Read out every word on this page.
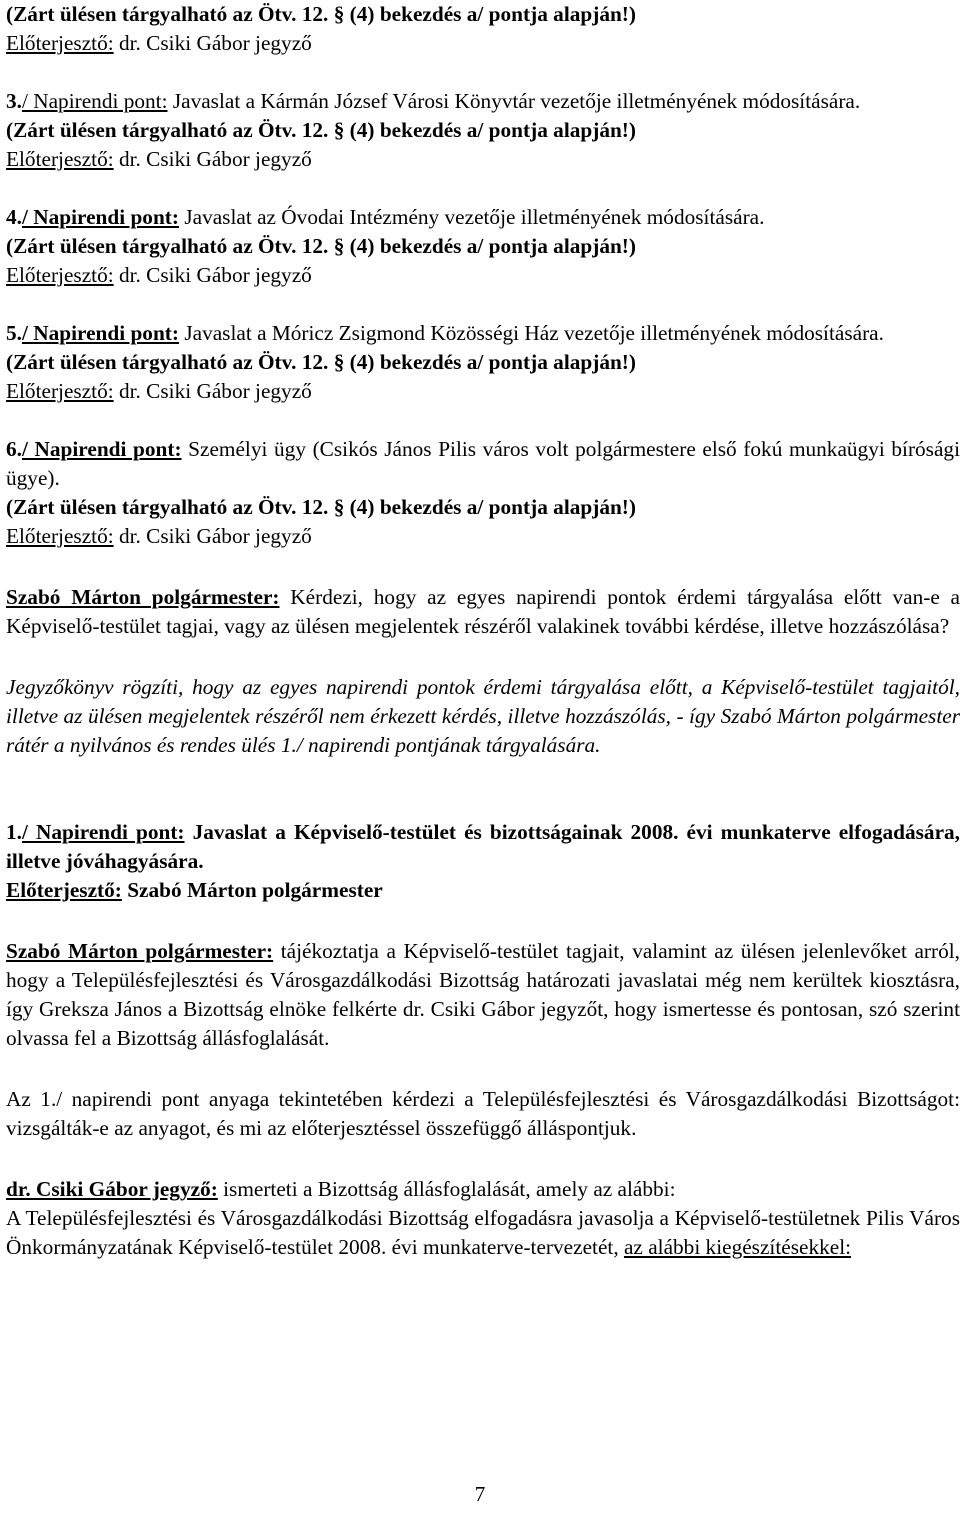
(Zárt ülésen tárgyalható az Ötv. 12. § (4) bekezdés a/ pontja alapján!)
Előterjesztő: dr. Csiki Gábor jegyző
3./ Napirendi pont: Javaslat a Kármán József Városi Könyvtár vezetője illetményének módosítására.
(Zárt ülésen tárgyalható az Ötv. 12. § (4) bekezdés a/ pontja alapján!)
Előterjesztő: dr. Csiki Gábor jegyző
4./ Napirendi pont: Javaslat az Óvodai Intézmény vezetője illetményének módosítására.
(Zárt ülésen tárgyalható az Ötv. 12. § (4) bekezdés a/ pontja alapján!)
Előterjesztő: dr. Csiki Gábor jegyző
5./ Napirendi pont: Javaslat a Móricz Zsigmond Közösségi Ház vezetője illetményének módosítására.
(Zárt ülésen tárgyalható az Ötv. 12. § (4) bekezdés a/ pontja alapján!)
Előterjesztő: dr. Csiki Gábor jegyző
6./ Napirendi pont: Személyi ügy (Csikós János Pilis város volt polgármestere első fokú munkaügyi bírósági ügye).
(Zárt ülésen tárgyalható az Ötv. 12. § (4) bekezdés a/ pontja alapján!)
Előterjesztő: dr. Csiki Gábor jegyző
Szabó Márton polgármester: Kérdezi, hogy az egyes napirendi pontok érdemi tárgyalása előtt van-e a Képviselő-testület tagjai, vagy az ülésen megjelentek részéről valakinek további kérdése, illetve hozzászólása?
Jegyzőkönyv rögzíti, hogy az egyes napirendi pontok érdemi tárgyalása előtt, a Képviselő-testület tagjaitól, illetve az ülésen megjelentek részéről nem érkezett kérdés, illetve hozzászólás, - így Szabó Márton polgármester rátér a nyilvános és rendes ülés 1./ napirendi pontjának tárgyalására.
1./ Napirendi pont: Javaslat a Képviselő-testület és bizottságainak 2008. évi munkaterve elfogadására, illetve jóváhagyására.
Előterjesztő: Szabó Márton polgármester
Szabó Márton polgármester: tájékoztatja a Képviselő-testület tagjait, valamint az ülésen jelenlevőket arról, hogy a Településfejlesztési és Városgazdálkodási Bizottság határozati javaslatai még nem kerültek kiosztásra, így Greksza János a Bizottság elnöke felkérte dr. Csiki Gábor jegyzőt, hogy ismertesse és pontosan, szó szerint olvassa fel a Bizottság állásfoglalását.
Az 1./ napirendi pont anyaga tekintetében kérdezi a Településfejlesztési és Városgazdálkodási Bizottságot: vizsgálták-e az anyagot, és mi az előterjesztéssel összefüggő álláspontjuk.
dr. Csiki Gábor jegyző: ismerteti a Bizottság állásfoglalását, amely az alábbi:
A Településfejlesztési és Városgazdálkodási Bizottság elfogadásra javasolja a Képviselő-testületnek Pilis Város Önkormányzatának Képviselő-testület 2008. évi munkaterve-tervezetét, az alábbi kiegészítésekkel:
7
